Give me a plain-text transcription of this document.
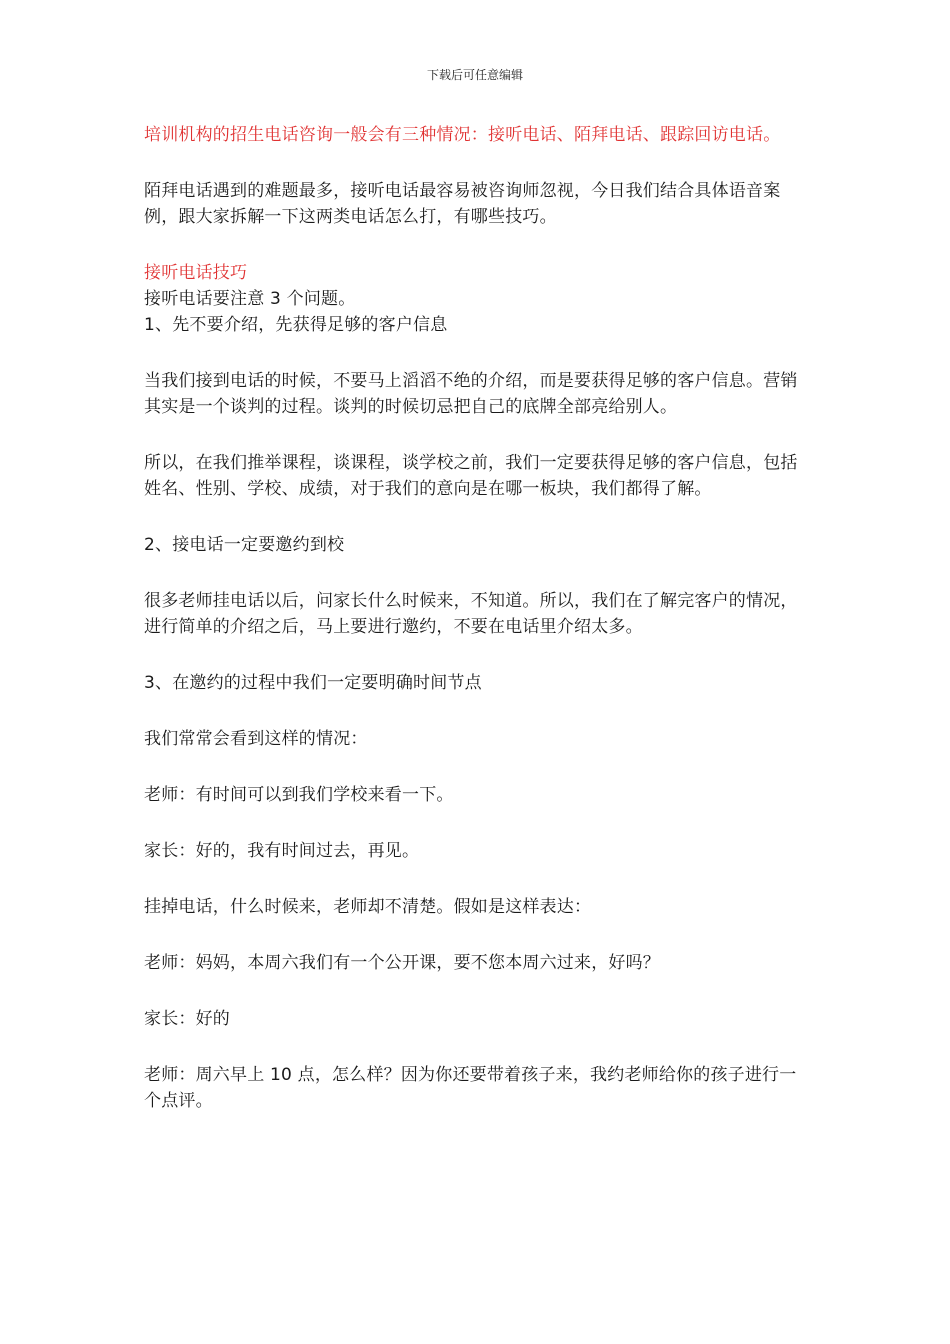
下载后可任意编辑

培训机构的招生电话咨询一般会有三种情况：接听电话、陌拜电话、跟踪回访电话。

陌拜电话遇到的难题最多，接听电话最容易被咨询师忽视，今日我们结合具体语音案例，跟大家拆解一下这两类电话怎么打，有哪些技巧。

接听电话技巧

接听电话要注意 3 个问题。

1、先不要介绍，先获得足够的客户信息

当我们接到电话的时候，不要马上滔滔不绝的介绍，而是要获得足够的客户信息。营销其实是一个谈判的过程。谈判的时候切忌把自己的底牌全部亮给别人。

所以，在我们推举课程，谈课程，谈学校之前，我们一定要获得足够的客户信息，包括姓名、性别、学校、成绩，对于我们的意向是在哪一板块，我们都得了解。

2、接电话一定要邀约到校

很多老师挂电话以后，问家长什么时候来，不知道。所以，我们在了解完客户的情况，进行简单的介绍之后，马上要进行邀约，不要在电话里介绍太多。

3、在邀约的过程中我们一定要明确时间节点

我们常常会看到这样的情况：

老师：有时间可以到我们学校来看一下。

家长：好的，我有时间过去，再见。

挂掉电话，什么时候来，老师却不清楚。假如是这样表达：

老师：妈妈，本周六我们有一个公开课，要不您本周六过来，好吗？

家长：好的

老师：周六早上 10 点，怎么样？因为你还要带着孩子来，我约老师给你的孩子进行一个点评。
